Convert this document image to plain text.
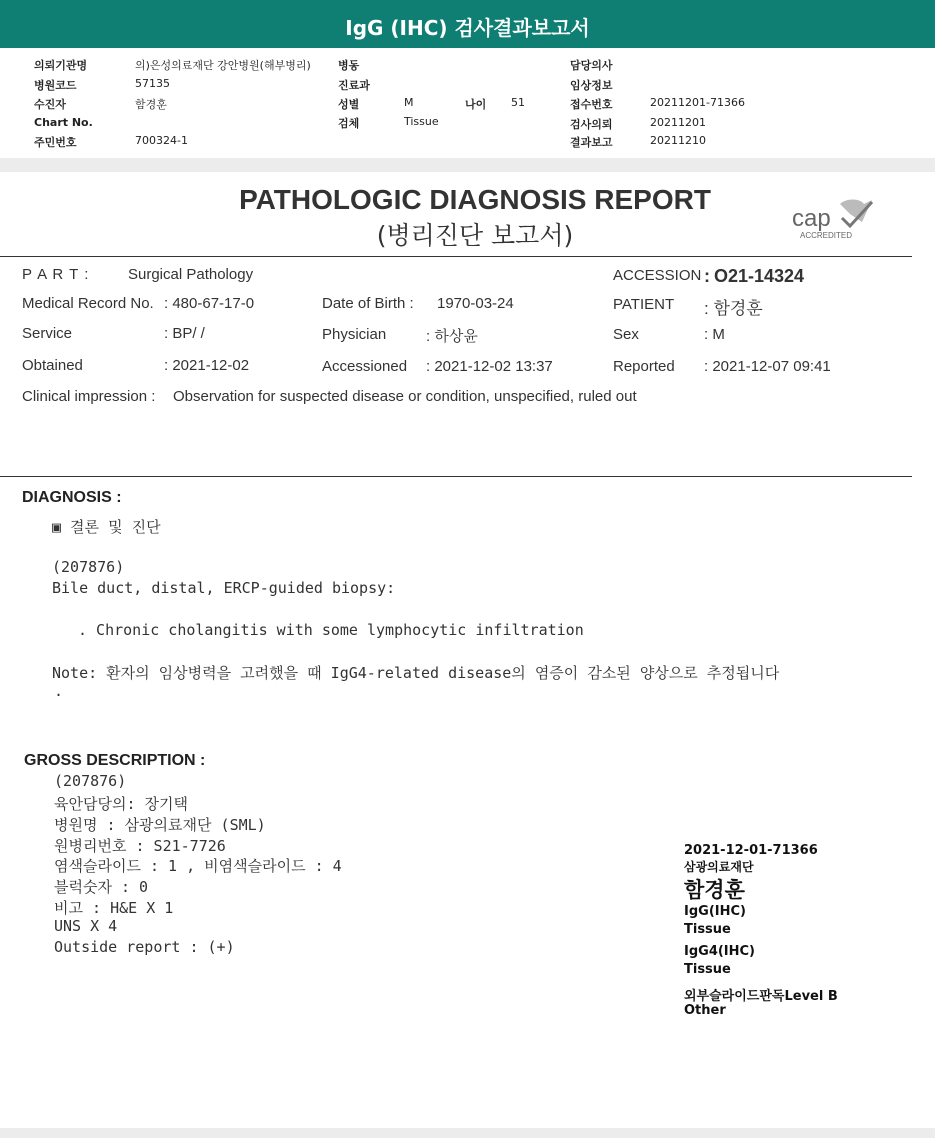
IgG (IHC) 검사결과보고서
의뢰기관명	의)은성의료재단 강안병원(해부병리) 병동	담당의사
병원코드	57135	진료과	임상정보
수진자	함경훈	성별	M	나이 51	접수번호	20211201-71366
Chart No.	검체	Tissue	검사의뢰	20211201
주민번호	700324-1	결과보고	20211210
PATHOLOGIC DIAGNOSIS REPORT
(병리진단 보고서)
cap
ACCREDITED
P A R T :	Surgical Pathology	ACCESSION : O21-14324
Medical Record No. : 480-67-17-0	Date of Birth : 1970-03-24	PATIENT : 함경훈
Service	: BP/ /	Physician	: 하상윤	Sex	: M
Obtained	: 2021-12-02	Accessioned : 2021-12-02 13:37	Reported : 2021-12-07 09:41
Clinical impression : Observation for suspected disease or condition, unspecified, ruled out
DIAGNOSIS :
▣ 결론 및 진단
(207876)
Bile duct, distal, ERCP-guided biopsy:
. Chronic cholangitis with some lymphocytic infiltration
Note: 환자의 임상병력을 고려했을 때 IgG4-related disease의 염증이 감소된 양상으로 추정됩니다
.
GROSS DESCRIPTION :
(207876)
육안담당의: 장기택
병원명 : 삼광의료재단 (SML)
원병리번호 : S21-7726
염색슬라이드 : 1 , 비염색슬라이드 : 4
블럭숫자 : 0
비고 : H&E X 1
UNS X 4
Outside report : (+)
2021-12-01-71366
삼광의료재단
함경훈
IgG(IHC)
Tissue
IgG4(IHC)
Tissue
외부슬라이드판독Level B
Other
